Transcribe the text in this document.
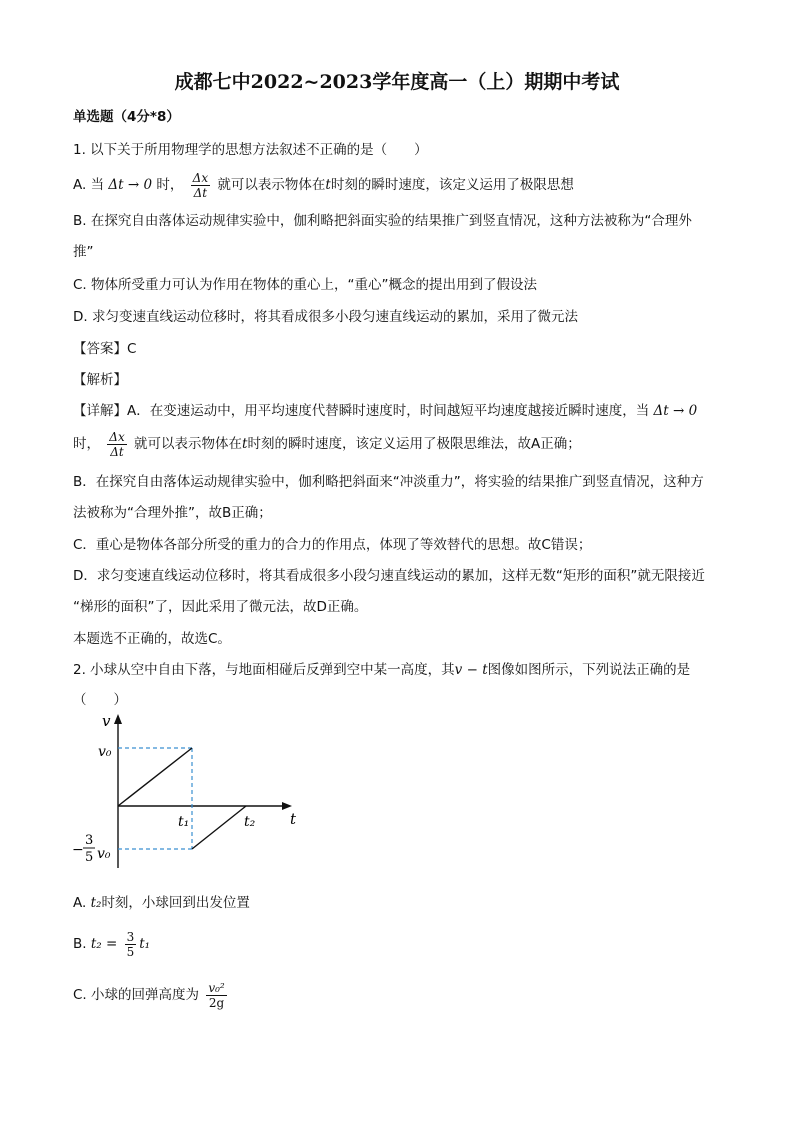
成都七中2022~2023学年度高一（上）期期中考试
单选题（4分*8）
1. 以下关于所用物理学的思想方法叙述不正确的是（　　）
A. 当 Δt → 0 时， $\frac{\Delta x}{\Delta t}$ 就可以表示物体在t时刻的瞬时速度，该定义运用了极限思想
B. 在探究自由落体运动规律实验中，伽利略把斜面实验的结果推广到竖直情况，这种方法被称为“合理外
推”
C. 物体所受重力可认为作用在物体的重心上，“重心”概念的提出用到了假设法
D. 求匀变速直线运动位移时，将其看成很多小段匀速直线运动的累加，采用了微元法
【答案】C
【解析】
【详解】A．在变速运动中，用平均速度代替瞬时速度时，时间越短平均速度越接近瞬时速度，当 Δt → 0
时， $\frac{\Delta x}{\Delta t}$ 就可以表示物体在t时刻的瞬时速度，该定义运用了极限思维法，故A正确；
B．在探究自由落体运动规律实验中，伽利略把斜面来“冲淡重力”，将实验的结果推广到竖直情况，这种方
法被称为“合理外推”，故B正确；
C．重心是物体各部分所受的重力的合力的作用点，体现了等效替代的思想。故C错误；
D．求匀变速直线运动位移时，将其看成很多小段匀速直线运动的累加，这样无数“矩形的面积”就无限接近
“梯形的面积”了，因此采用了微元法，故D正确。
本题选不正确的，故选C。
2. 小球从空中自由下落，与地面相碰后反弹到空中某一高度，其v − t图像如图所示，下列说法正确的是
（　　）
v
t
v₀
t₁	t₂
−
3
5 v₀
A. t₂时刻，小球回到出发位置
B. $t_2 = \frac{3}{5} t_1$
C. 小球的回弹高度为 $\frac{\text{v₀²}}{2g}$
